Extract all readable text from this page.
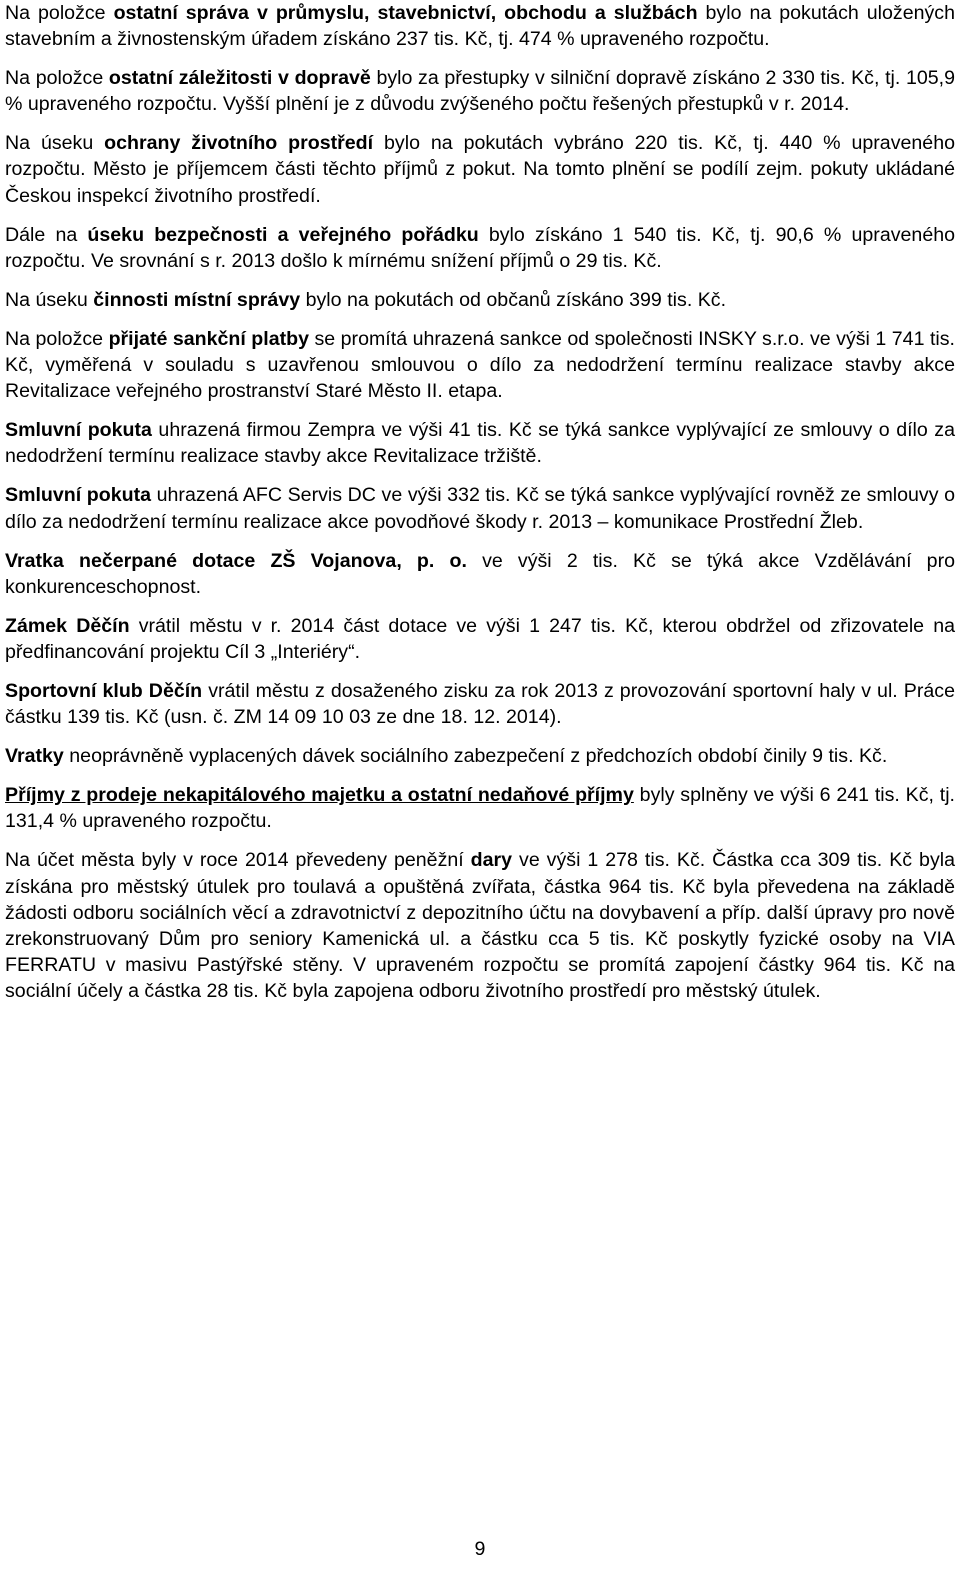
Na položce ostatní správa v průmyslu, stavebnictví, obchodu a službách bylo na pokutách uložených stavebním a živnostenským úřadem získáno 237 tis. Kč, tj. 474 % upraveného rozpočtu.

Na položce ostatní záležitosti v dopravě bylo za přestupky v silniční dopravě získáno 2 330 tis. Kč, tj. 105,9 % upraveného rozpočtu. Vyšší plnění je z důvodu zvýšeného počtu řešených přestupků v r. 2014.

Na úseku ochrany životního prostředí bylo na pokutách vybráno 220 tis. Kč, tj. 440 % upraveného rozpočtu. Město je příjemcem části těchto příjmů z pokut. Na tomto plnění se podílí zejm. pokuty ukládané Českou inspekcí životního prostředí.

Dále na úseku bezpečnosti a veřejného pořádku bylo získáno 1 540 tis. Kč, tj. 90,6 % upraveného rozpočtu. Ve srovnání s r. 2013 došlo k mírnému snížení příjmů o 29 tis. Kč.

Na úseku činnosti místní správy bylo na pokutách od občanů získáno 399 tis. Kč.

Na položce přijaté sankční platby se promítá uhrazená sankce od společnosti INSKY s.r.o. ve výši 1 741 tis. Kč, vyměřená v souladu s uzavřenou smlouvou o dílo za nedodržení termínu realizace stavby akce Revitalizace veřejného prostranství Staré Město II. etapa.

Smluvní pokuta uhrazená firmou Zempra ve výši 41 tis. Kč se týká sankce vyplývající ze smlouvy o dílo za nedodržení termínu realizace stavby akce Revitalizace tržiště.

Smluvní pokuta uhrazená AFC Servis DC ve výši 332 tis. Kč se týká sankce vyplývající rovněž ze smlouvy o dílo za nedodržení termínu realizace akce povodňové škody r. 2013 – komunikace Prostřední Žleb.

Vratka nečerpané dotace ZŠ Vojanova, p. o. ve výši 2 tis. Kč se týká akce Vzdělávání pro konkurenceschopnost.

Zámek Děčín vrátil městu v r. 2014 část dotace ve výši 1 247 tis. Kč, kterou obdržel od zřizovatele na předfinancování projektu Cíl 3 „Interiéry“.

Sportovní klub Děčín vrátil městu z dosaženého zisku za rok 2013 z provozování sportovní haly v ul. Práce částku 139 tis. Kč (usn. č. ZM 14 09 10 03 ze dne 18. 12. 2014).

Vratky neoprávněně vyplacených dávek sociálního zabezpečení z předchozích období činily 9 tis. Kč.

Příjmy z prodeje nekapitálového majetku a ostatní nedaňové příjmy byly splněny ve výši 6 241 tis. Kč, tj. 131,4 % upraveného rozpočtu.

Na účet města byly v roce 2014 převedeny peněžní dary ve výši 1 278 tis. Kč. Částka cca 309 tis. Kč byla získána pro městský útulek pro toulavá a opuštěná zvířata, částka 964 tis. Kč byla převedena na základě žádosti odboru sociálních věcí a zdravotnictví z depozitního účtu na dovybavení a příp. další úpravy pro nově zrekonstruovaný Dům pro seniory Kamenická ul. a částku cca 5 tis. Kč poskytly fyzické osoby na VIA FERRATU v masivu Pastýřské stěny. V upraveném rozpočtu se promítá zapojení částky 964 tis. Kč na sociální účely a částka 28 tis. Kč byla zapojena odboru životního prostředí pro městský útulek.

9
